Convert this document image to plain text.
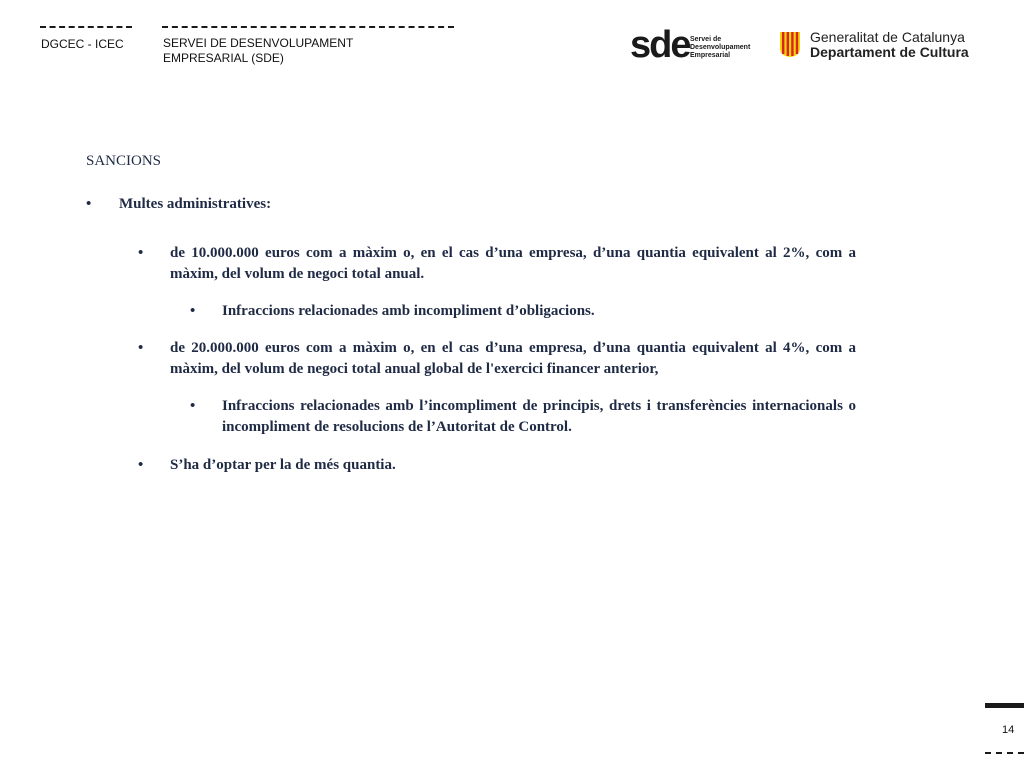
DGCEC - ICEC	SERVEI DE DESENVOLUPAMENT
EMPRESARIAL (SDE)	sde Servei de
Desenvolupament
Empresarial
Generalitat de Catalunya
Departament de Cultura
SANCIONS
• Multes administratives:
• de 10.000.000 euros com a màxim o, en el cas d’una empresa, d’una quantia equivalent al 2%, com a màxim, del volum de negoci total anual.
• Infraccions relacionades amb incompliment d’obligacions.
• de 20.000.000 euros com a màxim o, en el cas d’una empresa, d’una quantia equivalent al 4%, com a màxim, del volum de negoci total anual global de l'exercici financer anterior,
• Infraccions relacionades amb l’incompliment de principis, drets i transferències internacionals o incompliment de resolucions de l’Autoritat de Control.
• S’ha d’optar per la de més quantia.
14
